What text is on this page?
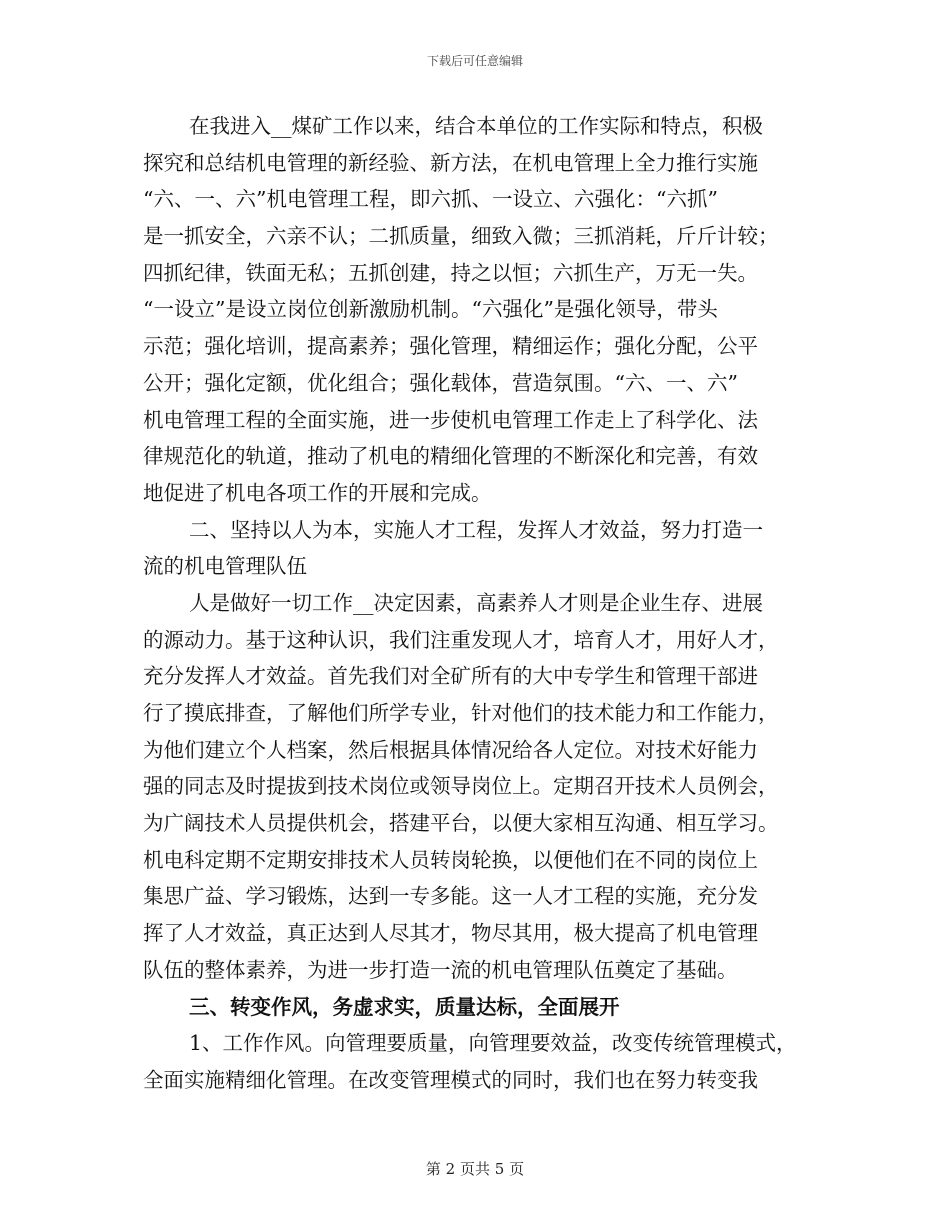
下载后可任意编辑
在我进入__煤矿工作以来，结合本单位的工作实际和特点，积极
探究和总结机电管理的新经验、新方法，在机电管理上全力推行实施
“六、一、六”机电管理工程，即六抓、一设立、六强化：“六抓”
是一抓安全，六亲不认；二抓质量，细致入微；三抓消耗，斤斤计较；
四抓纪律，铁面无私；五抓创建，持之以恒；六抓生产，万无一失。
“一设立”是设立岗位创新激励机制。“六强化”是强化领导，带头
示范；强化培训，提高素养；强化管理，精细运作；强化分配，公平
公开；强化定额，优化组合；强化载体，营造氛围。“六、一、六”
机电管理工程的全面实施，进一步使机电管理工作走上了科学化、法
律规范化的轨道，推动了机电的精细化管理的不断深化和完善，有效
地促进了机电各项工作的开展和完成。
二、坚持以人为本，实施人才工程，发挥人才效益，努力打造一
流的机电管理队伍
人是做好一切工作__决定因素，高素养人才则是企业生存、进展
的源动力。基于这种认识，我们注重发现人才，培育人才，用好人才，
充分发挥人才效益。首先我们对全矿所有的大中专学生和管理干部进
行了摸底排查，了解他们所学专业，针对他们的技术能力和工作能力，
为他们建立个人档案，然后根据具体情况给各人定位。对技术好能力
强的同志及时提拔到技术岗位或领导岗位上。定期召开技术人员例会，
为广阔技术人员提供机会，搭建平台，以便大家相互沟通、相互学习。
机电科定期不定期安排技术人员转岗轮换，以便他们在不同的岗位上
集思广益、学习锻炼，达到一专多能。这一人才工程的实施，充分发
挥了人才效益，真正达到人尽其才，物尽其用，极大提高了机电管理
队伍的整体素养，为进一步打造一流的机电管理队伍奠定了基础。
三、转变作风，务虚求实，质量达标，全面展开
1、工作作风。向管理要质量，向管理要效益，改变传统管理模式，
全面实施精细化管理。在改变管理模式的同时，我们也在努力转变我
第 2 页共 5 页
